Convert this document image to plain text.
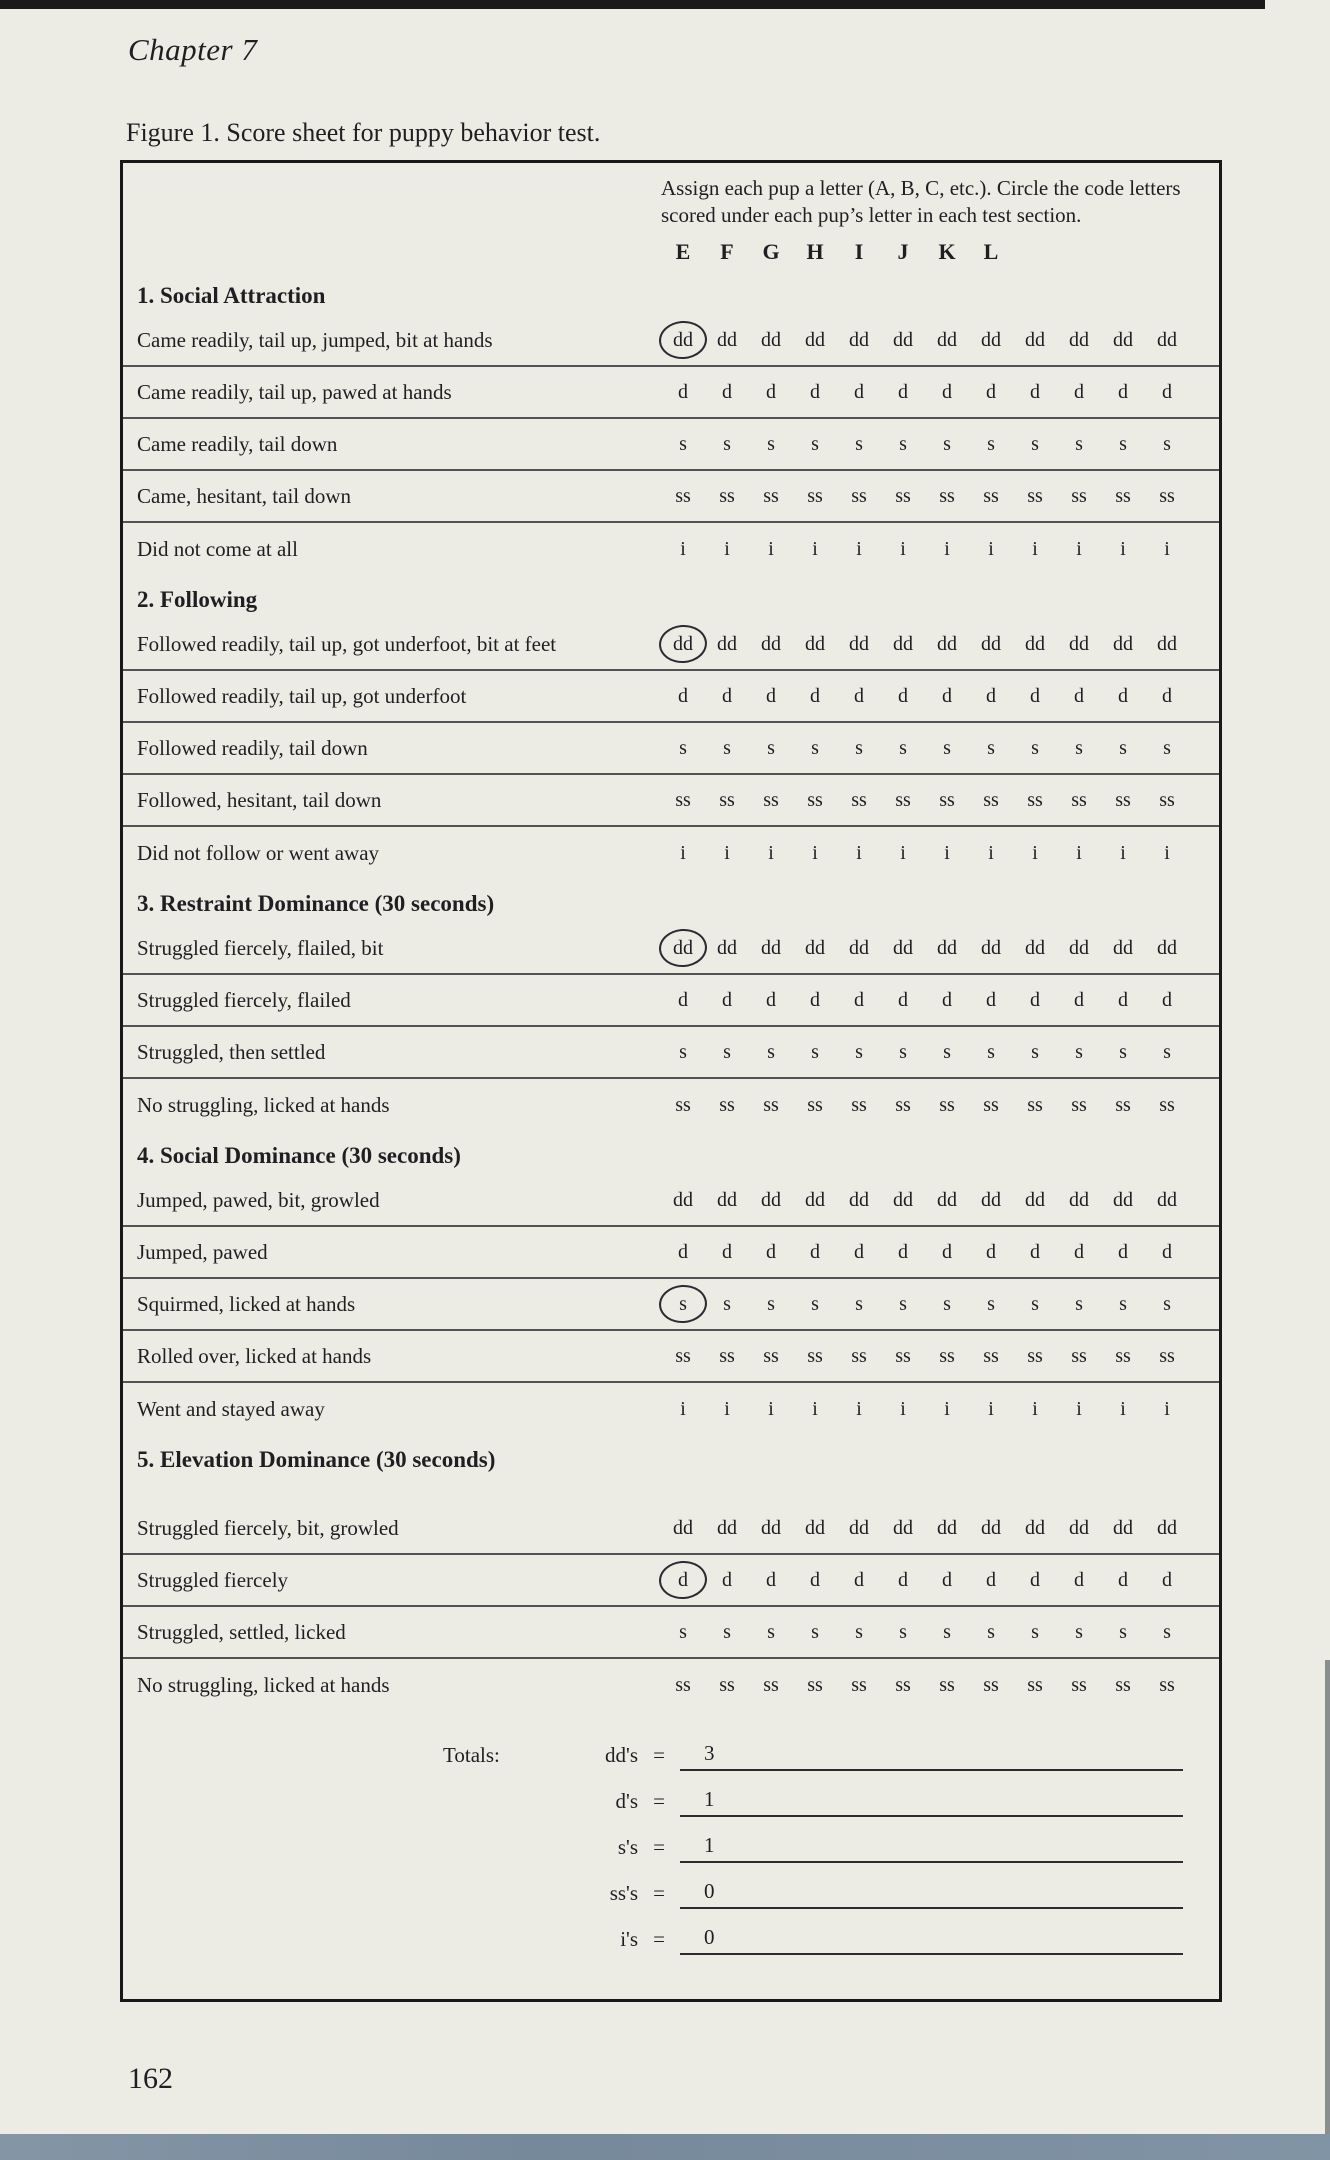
Chapter 7
Figure 1. Score sheet for puppy behavior test.
Assign each pup a letter (A, B, C, etc.). Circle the code letters scored under each pup’s letter in each test section.
E	F	G	H	I	J	K	L
1. Social Attraction
Came readily, tail up, jumped, bit at hands	dd	dd	dd	dd	dd	dd	dd	dd	dd	dd	dd	dd
Came readily, tail up, pawed at hands	d	d	d	d	d	d	d	d	d	d	d	d
Came readily, tail down	s	s	s	s	s	s	s	s	s	s	s	s
Came, hesitant, tail down	ss	ss	ss	ss	ss	ss	ss	ss	ss	ss	ss	ss
Did not come at all	i	i	i	i	i	i	i	i	i	i	i	i
2. Following
Followed readily, tail up, got underfoot, bit at feet	dd	dd	dd	dd	dd	dd	dd	dd	dd	dd	dd	dd
Followed readily, tail up, got underfoot	d	d	d	d	d	d	d	d	d	d	d	d
Followed readily, tail down	s	s	s	s	s	s	s	s	s	s	s	s
Followed, hesitant, tail down	ss	ss	ss	ss	ss	ss	ss	ss	ss	ss	ss	ss
Did not follow or went away	i	i	i	i	i	i	i	i	i	i	i	i
3. Restraint Dominance (30 seconds)
Struggled fiercely, flailed, bit	dd	dd	dd	dd	dd	dd	dd	dd	dd	dd	dd	dd
Struggled fiercely, flailed	d	d	d	d	d	d	d	d	d	d	d	d
Struggled, then settled	s	s	s	s	s	s	s	s	s	s	s	s
No struggling, licked at hands	ss	ss	ss	ss	ss	ss	ss	ss	ss	ss	ss	ss
4. Social Dominance (30 seconds)
Jumped, pawed, bit, growled	dd	dd	dd	dd	dd	dd	dd	dd	dd	dd	dd	dd
Jumped, pawed	d	d	d	d	d	d	d	d	d	d	d	d
Squirmed, licked at hands	s	s	s	s	s	s	s	s	s	s	s	s
Rolled over, licked at hands	ss	ss	ss	ss	ss	ss	ss	ss	ss	ss	ss	ss
Went and stayed away	i	i	i	i	i	i	i	i	i	i	i	i
5. Elevation Dominance (30 seconds)
Struggled fiercely, bit, growled	dd	dd	dd	dd	dd	dd	dd	dd	dd	dd	dd	dd
Struggled fiercely	d	d	d	d	d	d	d	d	d	d	d	d
Struggled, settled, licked	s	s	s	s	s	s	s	s	s	s	s	s
No struggling, licked at hands	ss	ss	ss	ss	ss	ss	ss	ss	ss	ss	ss	ss
Totals:	dd's =	3
d's =	1
s's =	1
ss's =	0
i's =	0
162
